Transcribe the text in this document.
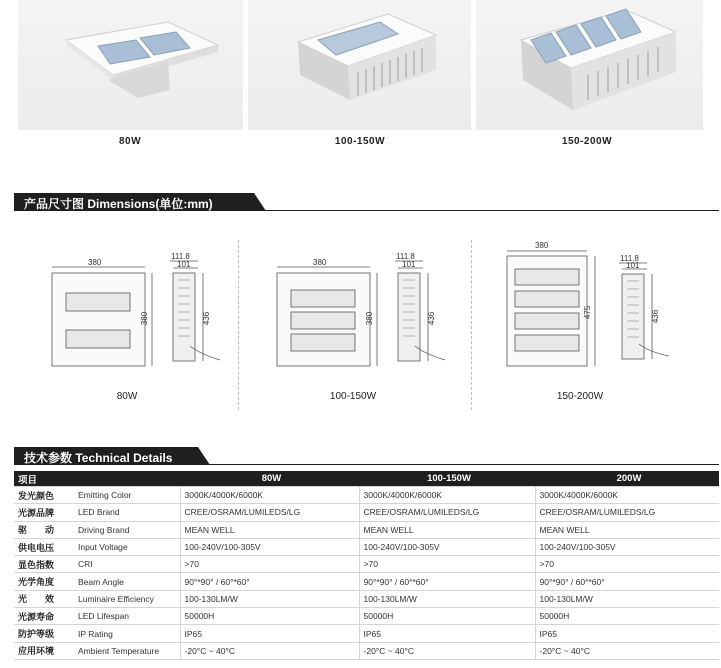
80W	100-150W	150-200W
产品尺寸图 Dimensions(单位:mm)
380
380
111.8
101
436
80W
380
380
111.8
101
436
100-150W
380
475
111.8
101
436
150-200W
技术参数 Technical Details
项目		80W	100-150W	200W
发光颜色	Emitting Color	3000K/4000K/6000K	3000K/4000K/6000K	3000K/4000K/6000K
光源品牌	LED Brand	CREE/OSRAM/LUMILEDS/LG	CREE/OSRAM/LUMILEDS/LG	CREE/OSRAM/LUMILEDS/LG
驱　　动	Driving Brand	MEAN WELL	MEAN WELL	MEAN WELL
供电电压	Input Voltage	100-240V/100-305V	100-240V/100-305V	100-240V/100-305V
显色指数	CRI	>70	>70	>70
光学角度	Beam Angle	90°*90° / 60°*60°	90°*90° / 60°*60°	90°*90° / 60°*60°
光　　效	Luminaire Efficiency	100-130LM/W	100-130LM/W	100-130LM/W
光源寿命	LED Lifespan	50000H	50000H	50000H
防护等级	IP Rating	IP65	IP65	IP65
应用环境	Ambient Temperature	-20°C ~ 40°C	-20°C ~ 40°C	-20°C ~ 40°C
